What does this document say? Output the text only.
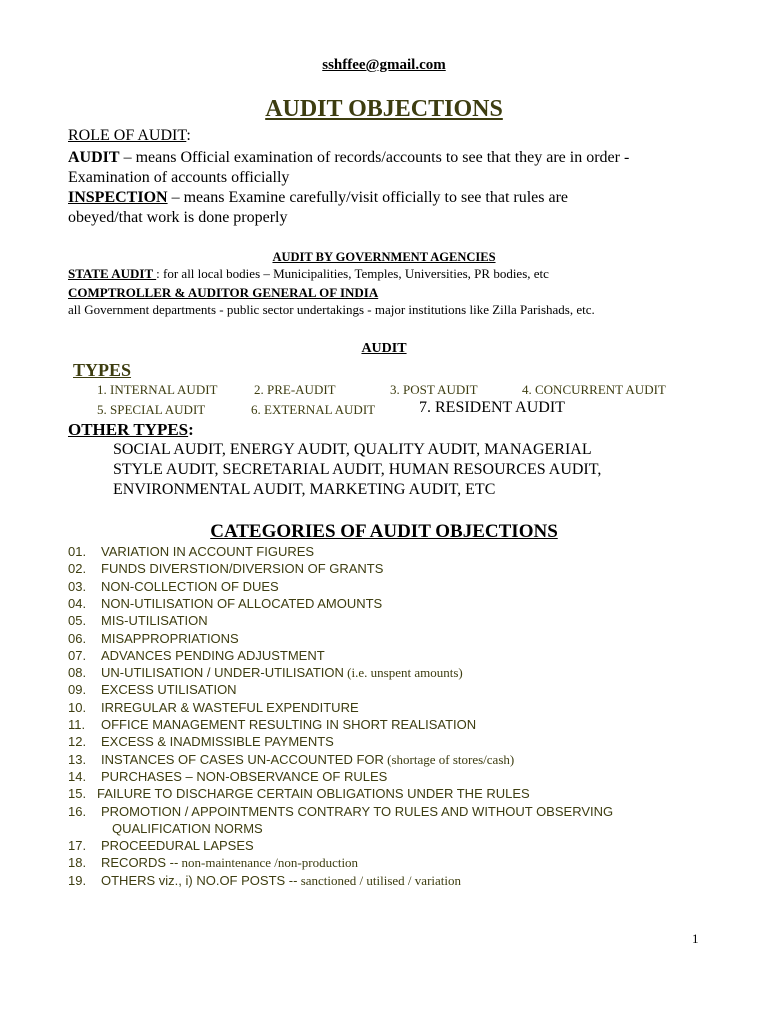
sshffee@gmail.com
AUDIT OBJECTIONS
ROLE OF AUDIT:
AUDIT – means Official examination of records/accounts to see that they are in order -
Examination of accounts officially
INSPECTION – means Examine carefully/visit officially to see that rules are
obeyed/that work is done properly
AUDIT BY GOVERNMENT AGENCIES
STATE AUDIT : for all local bodies – Municipalities, Temples, Universities, PR bodies, etc
COMPTROLLER & AUDITOR GENERAL OF INDIA
all Government departments - public sector undertakings - major institutions like Zilla Parishads, etc.
AUDIT
TYPES
1. INTERNAL AUDIT	2. PRE-AUDIT	3. POST AUDIT	4. CONCURRENT AUDIT
5. SPECIAL AUDIT	6. EXTERNAL AUDIT	7. RESIDENT AUDIT
OTHER TYPES:
SOCIAL AUDIT, ENERGY AUDIT, QUALITY AUDIT, MANAGERIAL
STYLE AUDIT, SECRETARIAL AUDIT, HUMAN RESOURCES AUDIT,
ENVIRONMENTAL AUDIT, MARKETING AUDIT, ETC
CATEGORIES OF AUDIT OBJECTIONS
01. VARIATION IN ACCOUNT FIGURES
02. FUNDS DIVERSTION/DIVERSION OF GRANTS
03. NON-COLLECTION OF DUES
04. NON-UTILISATION OF ALLOCATED AMOUNTS
05. MIS-UTILISATION
06. MISAPPROPRIATIONS
07. ADVANCES PENDING ADJUSTMENT
08. UN-UTILISATION / UNDER-UTILISATION (i.e. unspent amounts)
09. EXCESS UTILISATION
10. IRREGULAR & WASTEFUL EXPENDITURE
11. OFFICE MANAGEMENT RESULTING IN SHORT REALISATION
12. EXCESS & INADMISSIBLE PAYMENTS
13. INSTANCES OF CASES UN-ACCOUNTED FOR (shortage of stores/cash)
14. PURCHASES – NON-OBSERVANCE OF RULES
15. FAILURE TO DISCHARGE CERTAIN OBLIGATIONS UNDER THE RULES
16. PROMOTION / APPOINTMENTS CONTRARY TO RULES AND WITHOUT OBSERVING
QUALIFICATION NORMS
17. PROCEEDURAL LAPSES
18. RECORDS -- non-maintenance /non-production
19. OTHERS viz., i) NO.OF POSTS -- sanctioned / utilised / variation
1
